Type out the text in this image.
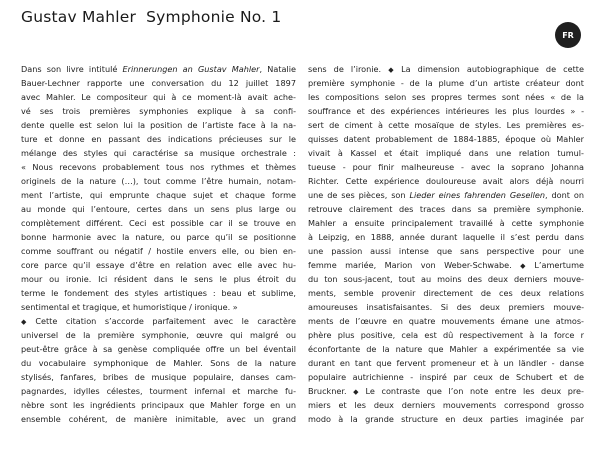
Gustav Mahler Symphonie No. 1
FR
Dans son livre intitulé Erinnerungen an Gustav Mahler, Natalie
Bauer-Lechner rapporte une conversation du 12 juillet 1897
avec Mahler. Le compositeur qui à ce moment-là avait ache-
vé ses trois premières symphonies explique à sa confi-
dente quelle est selon lui la position de l’artiste face à la na-
ture et donne en passant des indications précieuses sur le
mélange des styles qui caractérise sa musique orchestrale :
« Nous recevons probablement tous nos rythmes et thèmes
originels de la nature (…), tout comme l’être humain, notam-
ment l’artiste, qui emprunte chaque sujet et chaque forme
au monde qui l’entoure, certes dans un sens plus large ou
complètement différent. Ceci est possible car il se trouve en
bonne harmonie avec la nature, ou parce qu’il se positionne
comme souffrant ou négatif / hostile envers elle, ou bien en-
core parce qu’il essaye d’être en relation avec elle avec hu-
mour ou ironie. Ici résident dans le sens le plus étroit du
terme le fondement des styles artistiques : beau et sublime,
sentimental et tragique, et humoristique / ironique. »
◆ Cette citation s’accorde parfaitement avec le caractère
universel de la première symphonie, œuvre qui malgré ou
peut-être grâce à sa genèse compliquée offre un bel éventail
du vocabulaire symphonique de Mahler. Sons de la nature
stylisés, fanfares, bribes de musique populaire, danses cam-
pagnardes, idylles célestes, tourment infernal et marche fu-
nèbre sont les ingrédients principaux que Mahler forge en un
ensemble cohérent, de manière inimitable, avec un grand
sens de l’ironie. ◆ La dimension autobiographique de cette
première symphonie - de la plume d’un artiste créateur dont
les compositions selon ses propres termes sont nées « de la
souffrance et des expériences intérieures les plus lourdes » -
sert de ciment à cette mosaïque de styles. Les premières es-
quisses datent probablement de 1884-1885, époque où Mahler
vivait à Kassel et était impliqué dans une relation tumul-
tueuse - pour finir malheureuse - avec la soprano Johanna
Richter. Cette expérience douloureuse avait alors déjà nourri
une de ses pièces, son Lieder eines fahrenden Gesellen, dont on
retrouve clairement des traces dans sa première symphonie.
Mahler a ensuite principalement travaillé à cette symphonie
à Leipzig, en 1888, année durant laquelle il s’est perdu dans
une passion aussi intense que sans perspective pour une
femme mariée, Marion von Weber-Schwabe. ◆ L’amertume
du ton sous-jacent, tout au moins des deux derniers mouve-
ments, semble provenir directement de ces deux relations
amoureuses insatisfaisantes. Si des deux premiers mouve-
ments de l’œuvre en quatre mouvements émane une atmos-
phère plus positive, cela est dû respectivement à la force r
éconfortante de la nature que Mahler a expérimentée sa vie
durant en tant que fervent promeneur et à un ländler - danse
populaire autrichienne - inspiré par ceux de Schubert et de
Bruckner. ◆ Le contraste que l’on note entre les deux pre-
miers et les deux derniers mouvements correspond grosso
modo à la grande structure en deux parties imaginée par
